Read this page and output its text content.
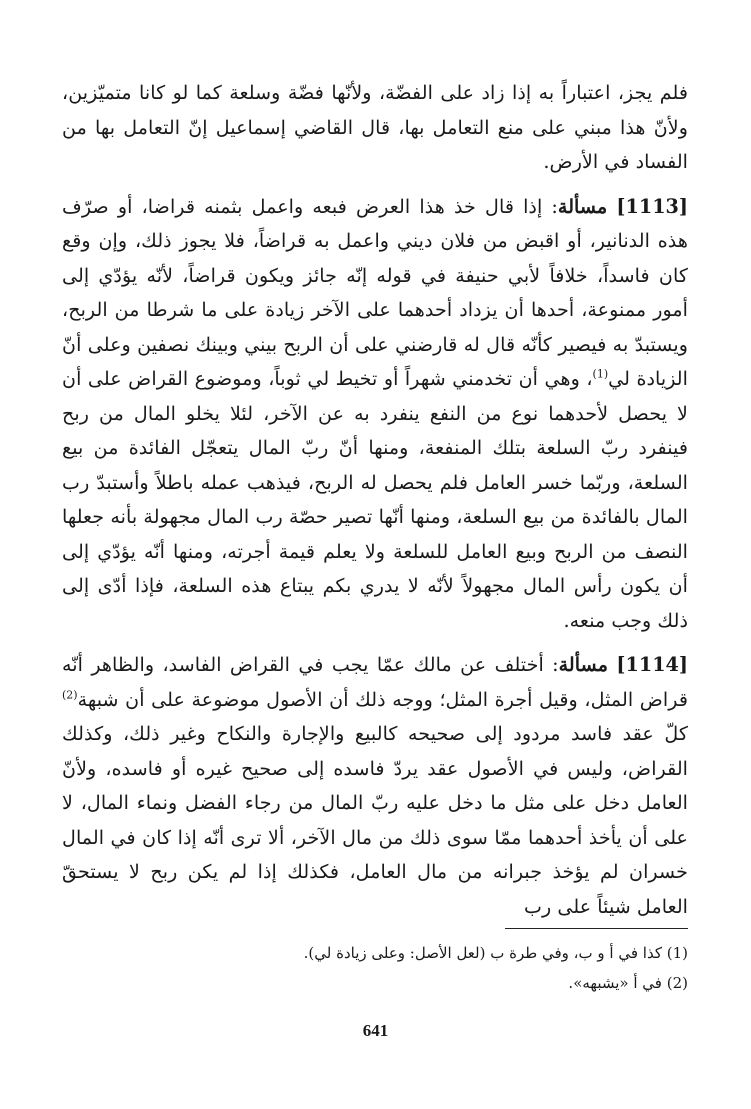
فلم يجز، اعتباراً به إذا زاد على الفضّة، ولأنّها فضّة وسلعة كما لو كانا متميّزين، ولأنّ هذا مبني على منع التعامل بها، قال القاضي إسماعيل إنّ التعامل بها من الفساد في الأرض.

[1113] مسألة: إذا قال خذ هذا العرض فبعه واعمل بثمنه قراضا، أو صرّف هذه الدنانير، أو اقبض من فلان ديني واعمل به قراضاً، فلا يجوز ذلك، وإن وقع كان فاسداً، خلافاً لأبي حنيفة في قوله إنّه جائز ويكون قراضاً، لأنّه يؤدّي إلى أمور ممنوعة، أحدها أن يزداد أحدهما على الآخر زيادة على ما شرطا من الربح، ويستبدّ به فيصير كأنّه قال له قارضني على أن الربح بيني وبينك نصفين وعلى أنّ الزيادة لي$^{(1)}$، وهي أن تخدمني شهراً أو تخيط لي ثوباً، وموضوع القراض على أن لا يحصل لأحدهما نوع من النفع ينفرد به عن الآخر، لئلا يخلو المال من ربح فينفرد ربّ السلعة بتلك المنفعة، ومنها أنّ ربّ المال يتعجّل الفائدة من بيع السلعة، وربّما خسر العامل فلم يحصل له الربح، فيذهب عمله باطلاً وأستبدّ رب المال بالفائدة من بيع السلعة، ومنها أنّها تصير حصّة رب المال مجهولة بأنه جعلها النصف من الربح وبيع العامل للسلعة ولا يعلم قيمة أجرته، ومنها أنّه يؤدّي إلى أن يكون رأس المال مجهولاً لأنّه لا يدري بكم يبتاع هذه السلعة، فإذا أدّى إلى ذلك وجب منعه.

[1114] مسألة: أختلف عن مالك عمّا يجب في القراض الفاسد، والظاهر أنّه قراض المثل، وقيل أجرة المثل؛ ووجه ذلك أن الأصول موضوعة على أن شبهة$^{(2)}$ كلّ عقد فاسد مردود إلى صحيحه كالبيع والإجارة والنكاح وغير ذلك، وكذلك القراض، وليس في الأصول عقد يردّ فاسده إلى صحيح غيره أو فاسده، ولأنّ العامل دخل على مثل ما دخل عليه ربّ المال من رجاء الفضل ونماء المال، لا على أن يأخذ أحدهما ممّا سوى ذلك من مال الآخر، ألا ترى أنّه إذا كان في المال خسران لم يؤخذ جبرانه من مال العامل، فكذلك إذا لم يكن ربح لا يستحقّ العامل شيئاً على رب

(1) كذا في أ و ب، وفي طرة ب (لعل الأصل: وعلى زيادة لي).

(2) في أ «يشبهه».

641
